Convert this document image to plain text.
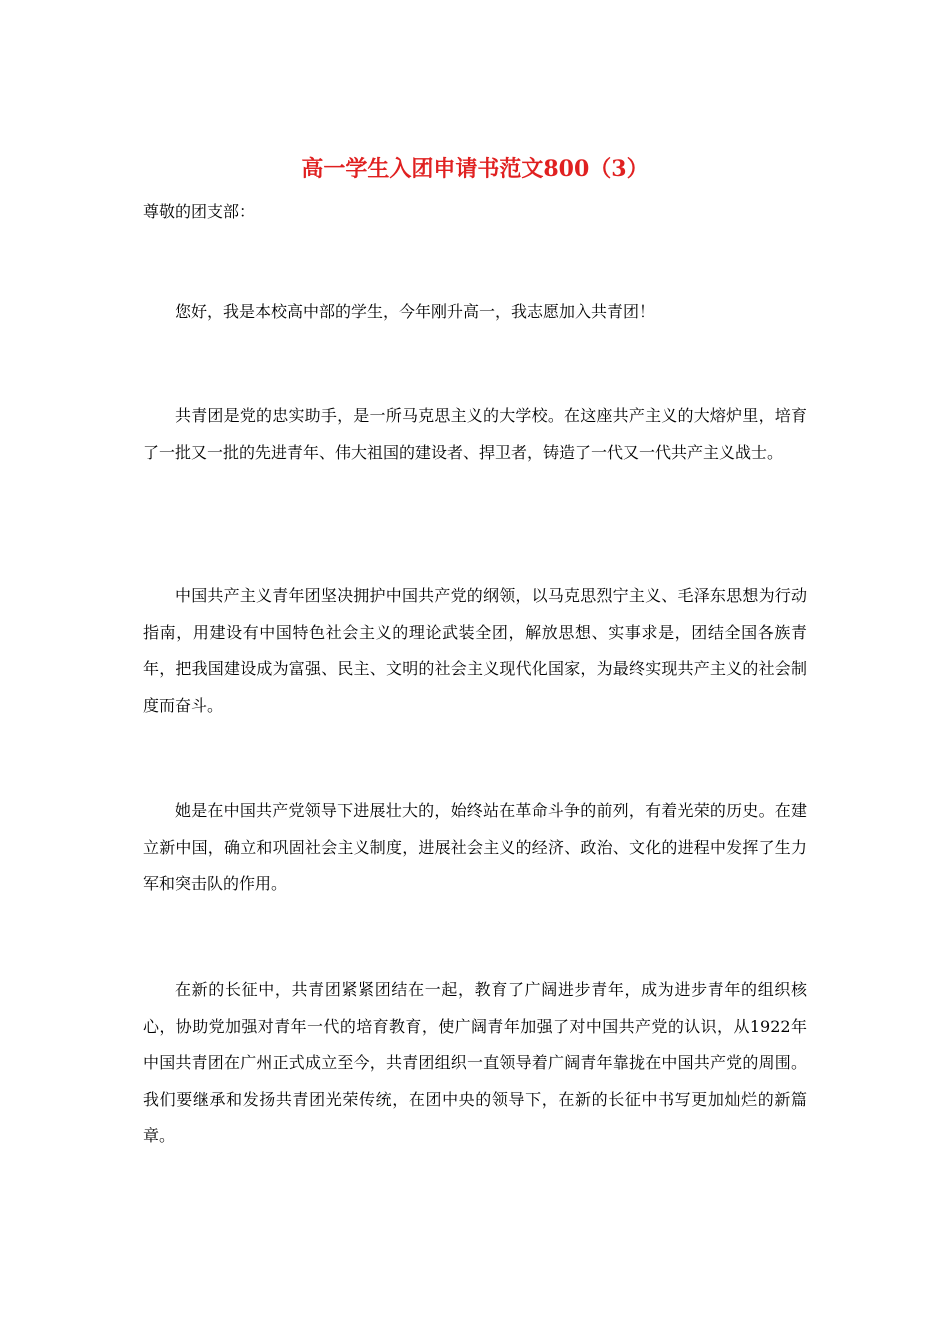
高一学生入团申请书范文800（3）

尊敬的团支部：

您好，我是本校高中部的学生，今年刚升高一，我志愿加入共青团！

共青团是党的忠实助手，是一所马克思主义的大学校。在这座共产主义的大熔炉里，培育了一批又一批的先进青年、伟大祖国的建设者、捍卫者，铸造了一代又一代共产主义战士。

中国共产主义青年团坚决拥护中国共产党的纲领，以马克思烈宁主义、毛泽东思想为行动指南，用建设有中国特色社会主义的理论武装全团，解放思想、实事求是，团结全国各族青年，把我国建设成为富强、民主、文明的社会主义现代化国家，为最终实现共产主义的社会制度而奋斗。

她是在中国共产党领导下进展壮大的，始终站在革命斗争的前列，有着光荣的历史。在建立新中国，确立和巩固社会主义制度，进展社会主义的经济、政治、文化的进程中发挥了生力军和突击队的作用。

在新的长征中，共青团紧紧团结在一起，教育了广阔进步青年，成为进步青年的组织核心，协助党加强对青年一代的培育教育，使广阔青年加强了对中国共产党的认识，从1922年中国共青团在广州正式成立至今，共青团组织一直领导着广阔青年靠拢在中国共产党的周围。我们要继承和发扬共青团光荣传统，在团中央的领导下，在新的长征中书写更加灿烂的新篇章。
